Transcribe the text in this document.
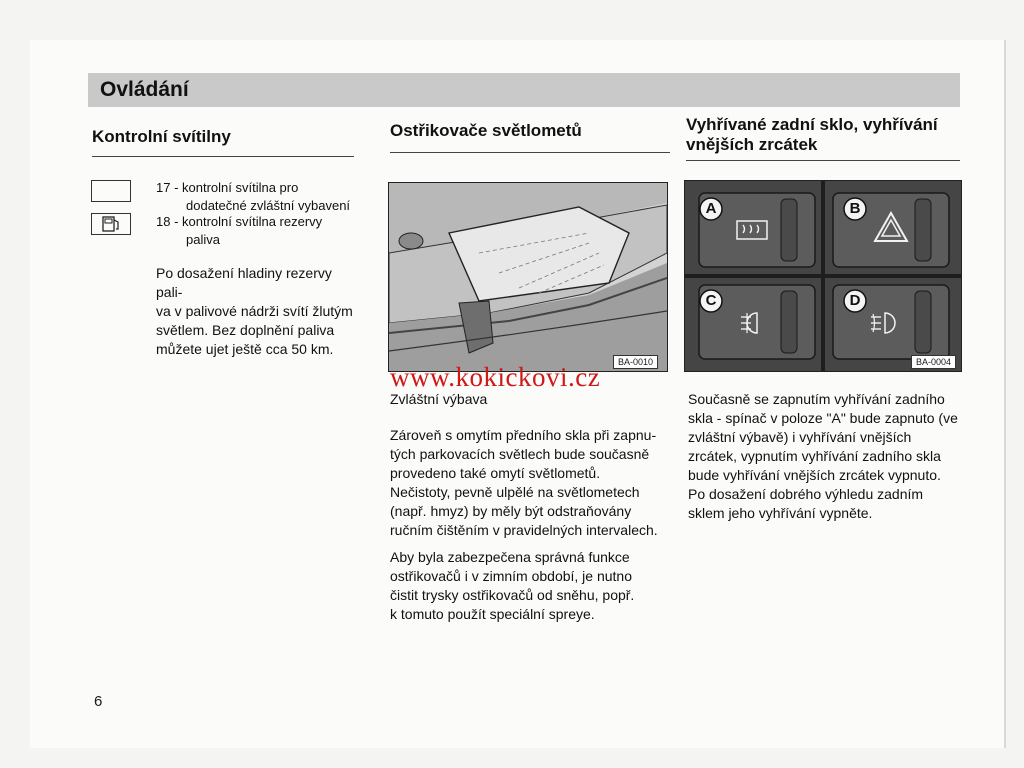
Ovládání
Kontrolní svítilny
17 - kontrolní svítilna pro
dodatečné zvláštní vybavení
18 - kontrolní svítilna rezervy
paliva
Po dosažení hladiny rezervy pali-
va v palivové nádrži svítí žlutým
světlem. Bez doplnění paliva
můžete ujet ještě cca 50 km.
Ostřikovače světlometů
BA-0010
Zvláštní výbava
Zároveň s omytím předního skla při zapnu-
tých parkovacích světlech bude současně
provedeno také omytí světlometů.
Nečistoty, pevně ulpělé na světlometech
(např. hmyz) by měly být odstraňovány
ručním čištěním v pravidelných intervalech.
Aby byla zabezpečena správná funkce
ostřikovačů i v zimním období, je nutno
čistit trysky ostřikovačů od sněhu, popř.
k tomuto použít speciální spreye.
Vyhřívané zadní sklo, vyhřívání
vnějších zrcátek
A	B
C	D
BA-0004
Současně se zapnutím vyhřívání zadního
skla - spínač v poloze "A" bude zapnuto (ve
zvláštní výbavě) i vyhřívání vnějších
zrcátek, vypnutím vyhřívání zadního skla
bude vyhřívání vnějších zrcátek vypnuto.
Po dosažení dobrého výhledu zadním
sklem jeho vyhřívání vypněte.
www.kokickovi.cz
6
